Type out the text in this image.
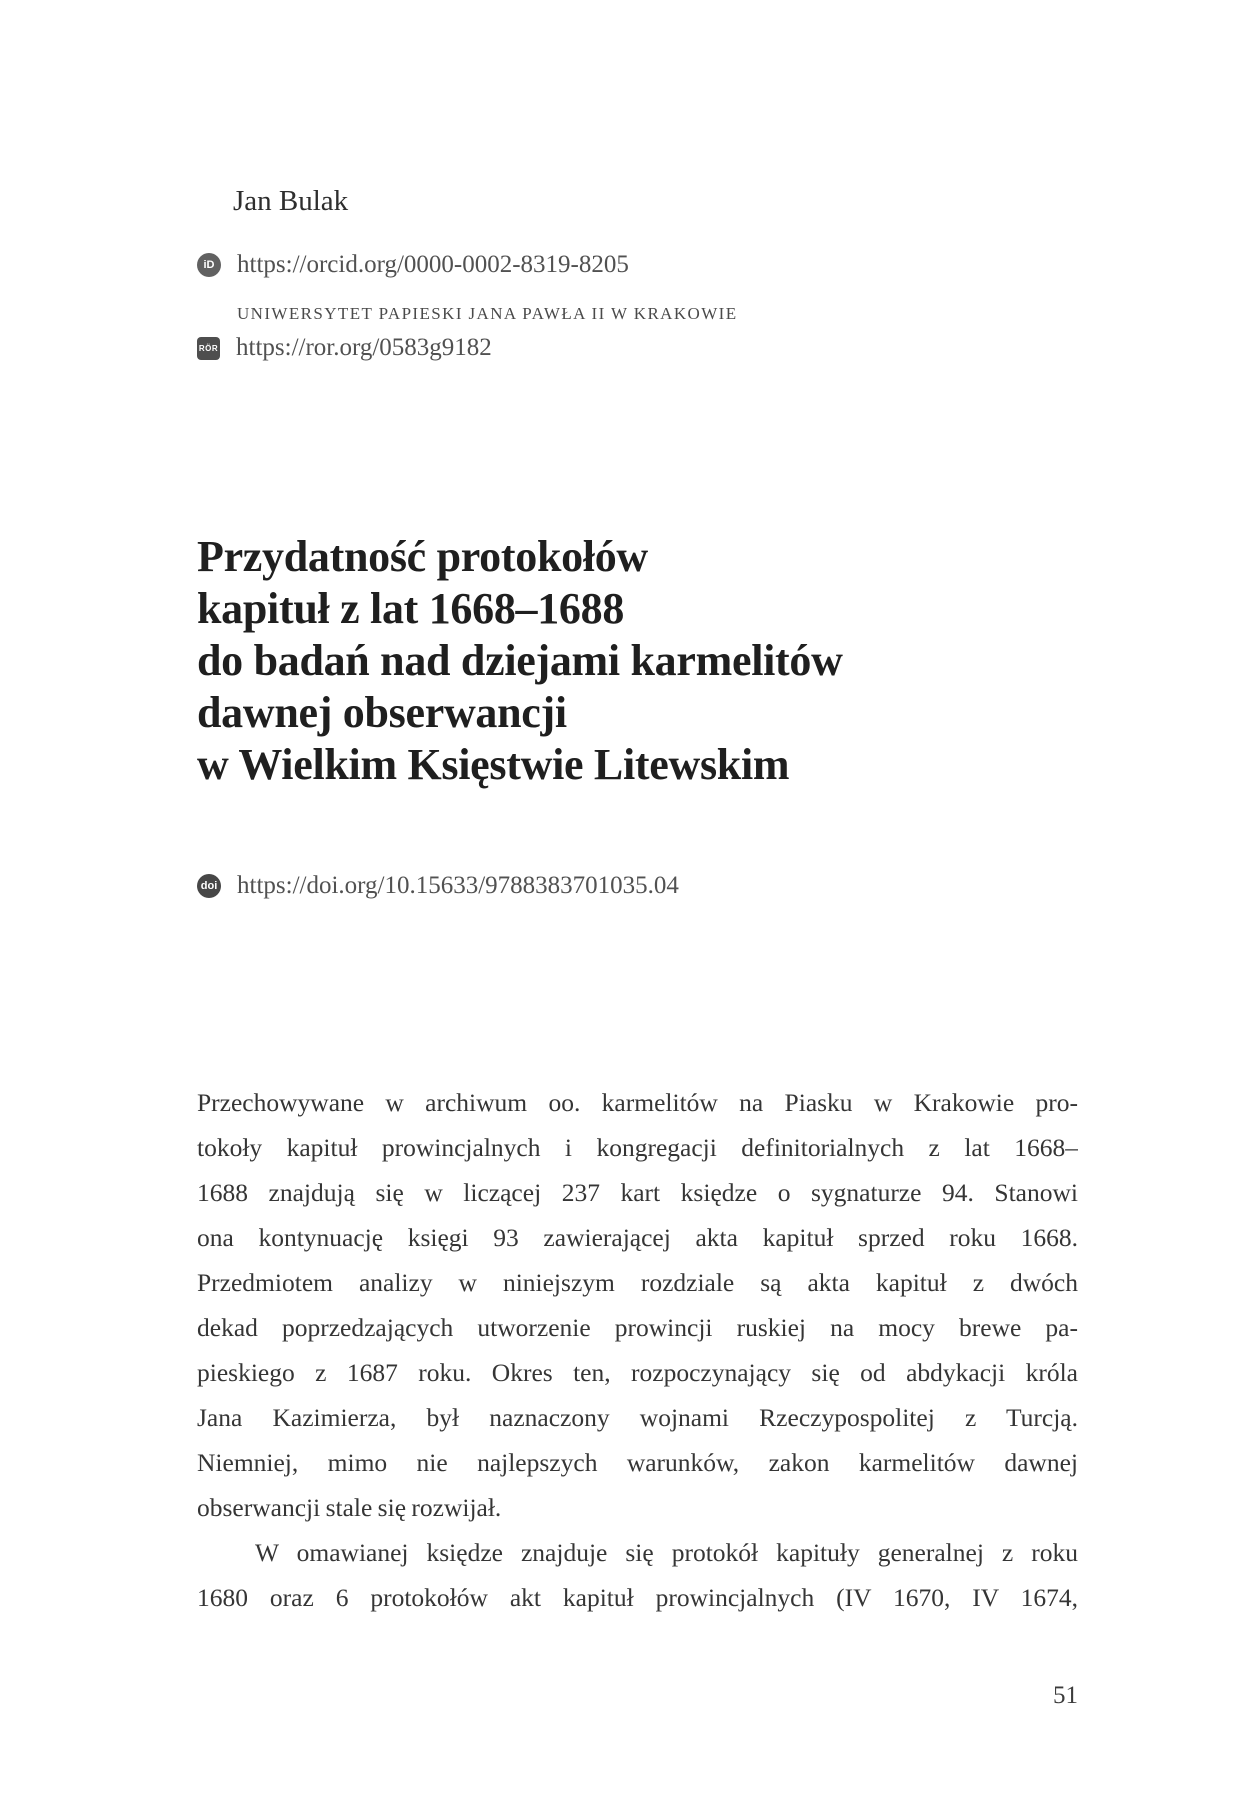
Jan Bulak
iD https://orcid.org/0000-0002-8319-8205
UNIWERSYTET PAPIESKI JANA PAWŁA II W KRAKOWIE
RÖR https://ror.org/0583g9182
Przydatność protokołów
kapituł z lat 1668–1688
do badań nad dziejami karmelitów
dawnej obserwancji
w Wielkim Księstwie Litewskim
doi https://doi.org/10.15633/9788383701035.04
Przechowywane w archiwum oo. karmelitów na Piasku w Krakowie pro-
tokoły kapituł prowincjalnych i kongregacji definitorialnych z lat 1668–
1688 znajdują się w liczącej 237 kart księdze o sygnaturze 94. Stanowi
ona kontynuację księgi 93 zawierającej akta kapituł sprzed roku 1668.
Przedmiotem analizy w niniejszym rozdziale są akta kapituł z dwóch
dekad poprzedzających utworzenie prowincji ruskiej na mocy brewe pa-
pieskiego z 1687 roku. Okres ten, rozpoczynający się od abdykacji króla
Jana Kazimierza, był naznaczony wojnami Rzeczypospolitej z Turcją.
Niemniej, mimo nie najlepszych warunków, zakon karmelitów dawnej
obserwancji stale się rozwijał.
W omawianej księdze znajduje się protokół kapituły generalnej z roku
1680 oraz 6 protokołów akt kapituł prowincjalnych (IV 1670, IV 1674,
51
